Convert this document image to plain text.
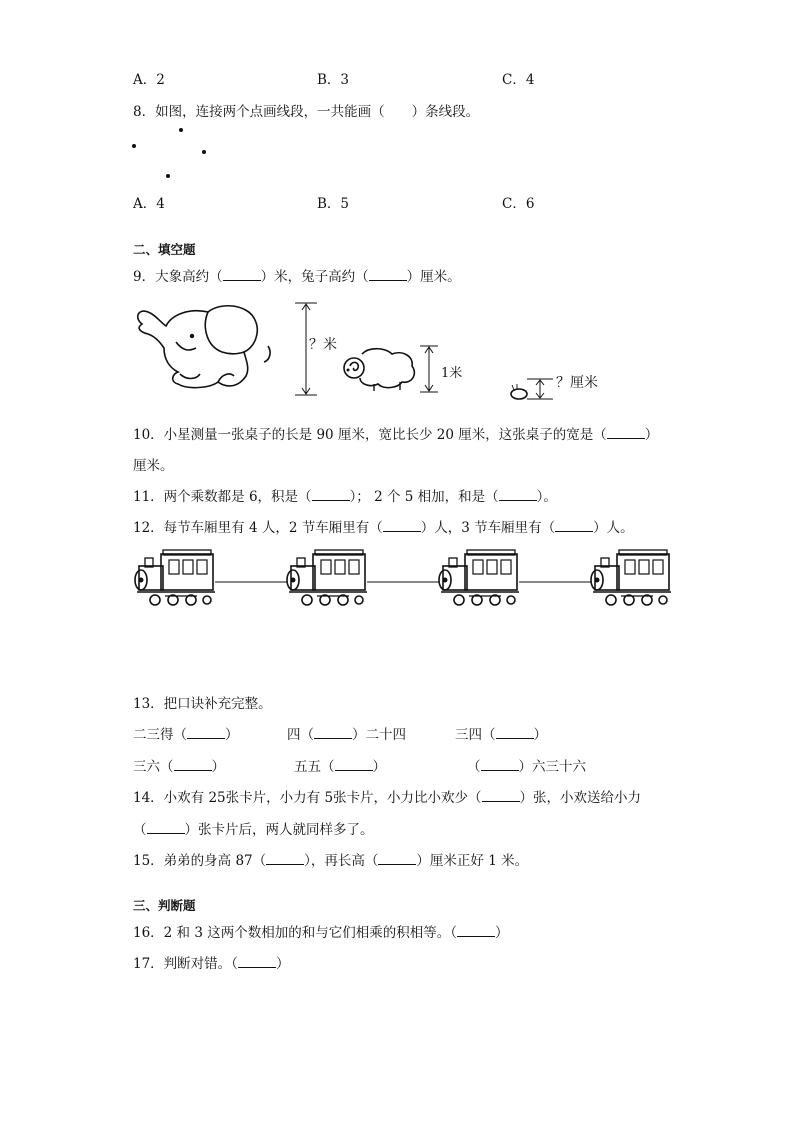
A．2	B．3	C．4
8．如图，连接两个点画线段，一共能画（　　）条线段。
A．4	B．5	C．6
二、填空题
9．大象高约（	）米，兔子高约（	）厘米。
？米
1米
？厘米
10．小星测量一张桌子的长是 90 厘米，宽比长少 20 厘米，这张桌子的宽是（	）
厘米。
11．两个乘数都是 6，积是（	）； 2 个 5 相加，和是（	）。
12．每节车厢里有 4 人，2 节车厢里有（	）人，3 节车厢里有（	）人。
13．把口诀补充完整。
二三得（	）	四（	）二十四	三四（	）
三六（	）	五五（	）	（	）六三十六
14．小欢有 25张卡片，小力有 5张卡片，小力比小欢少（	）张，小欢送给小力
（	）张卡片后，两人就同样多了。
15．弟弟的身高 87（	），再长高（	）厘米正好 1 米。
三、判断题
16．2 和 3 这两个数相加的和与它们相乘的积相等。（	）
17．判断对错。（	）
